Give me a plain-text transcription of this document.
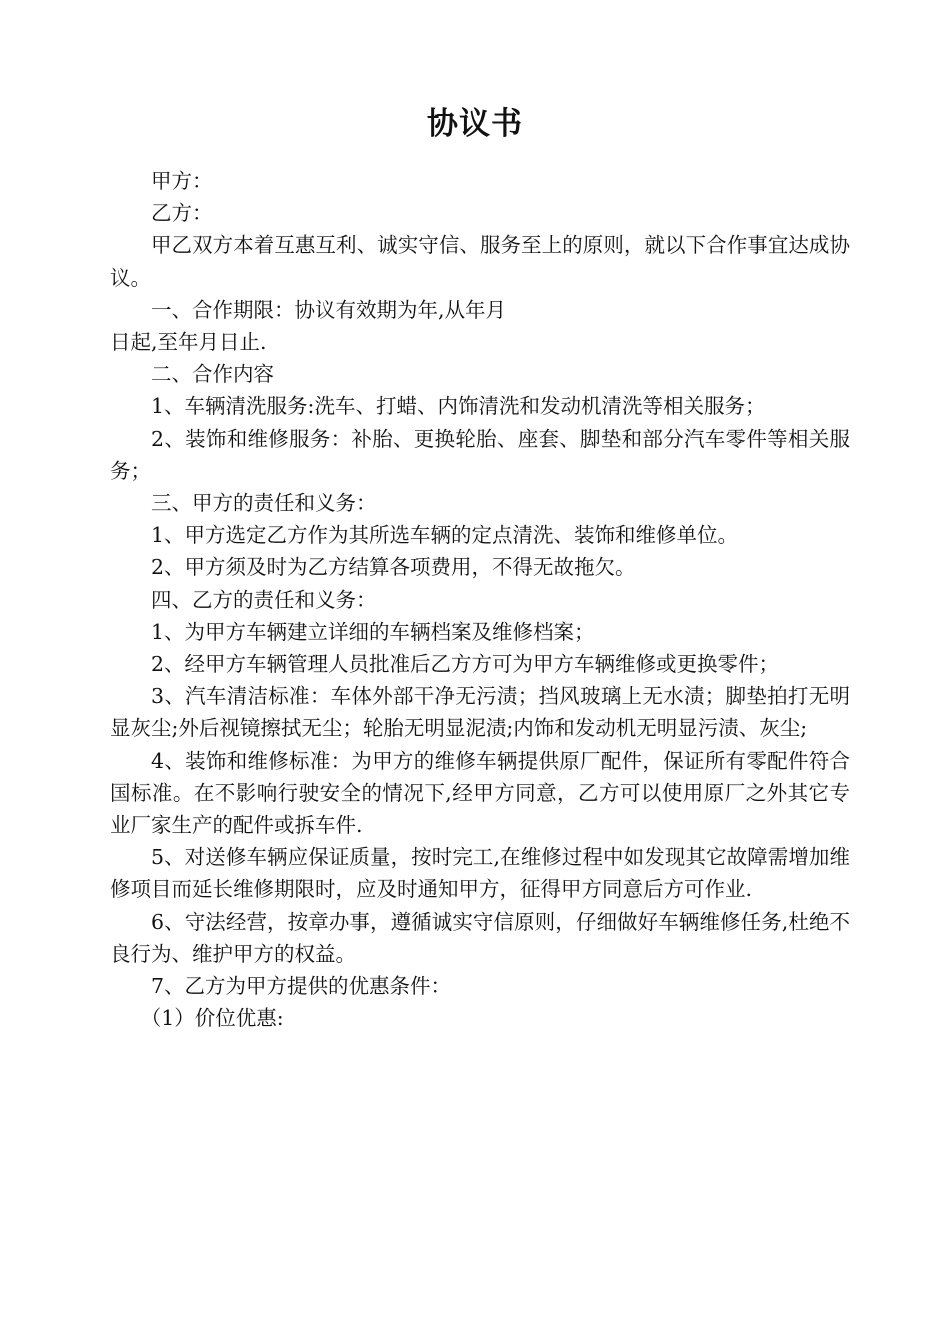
协议书

甲方：

乙方：

甲乙双方本着互惠互利、诚实守信、服务至上的原则，就以下合作事宜达成协议。

一、合作期限：协议有效期为年,从年月

日起,至年月日止.

二、合作内容

1、车辆清洗服务:洗车、打蜡、内饰清洗和发动机清洗等相关服务；

2、装饰和维修服务：补胎、更换轮胎、座套、脚垫和部分汽车零件等相关服务；

三、甲方的责任和义务：

1、甲方选定乙方作为其所选车辆的定点清洗、装饰和维修单位。

2、甲方须及时为乙方结算各项费用，不得无故拖欠。

四、乙方的责任和义务：

1、为甲方车辆建立详细的车辆档案及维修档案；

2、经甲方车辆管理人员批准后乙方方可为甲方车辆维修或更换零件；

3、汽车清洁标准：车体外部干净无污渍；挡风玻璃上无水渍；脚垫拍打无明显灰尘;外后视镜擦拭无尘；轮胎无明显泥渍;内饰和发动机无明显污渍、灰尘;

4、装饰和维修标准：为甲方的维修车辆提供原厂配件，保证所有零配件符合国标准。在不影响行驶安全的情况下,经甲方同意，乙方可以使用原厂之外其它专业厂家生产的配件或拆车件.

5、对送修车辆应保证质量，按时完工,在维修过程中如发现其它故障需增加维修项目而延长维修期限时，应及时通知甲方，征得甲方同意后方可作业.

6、守法经营，按章办事，遵循诚实守信原则，仔细做好车辆维修任务,杜绝不良行为、维护甲方的权益。

7、乙方为甲方提供的优惠条件：

（1）价位优惠:
